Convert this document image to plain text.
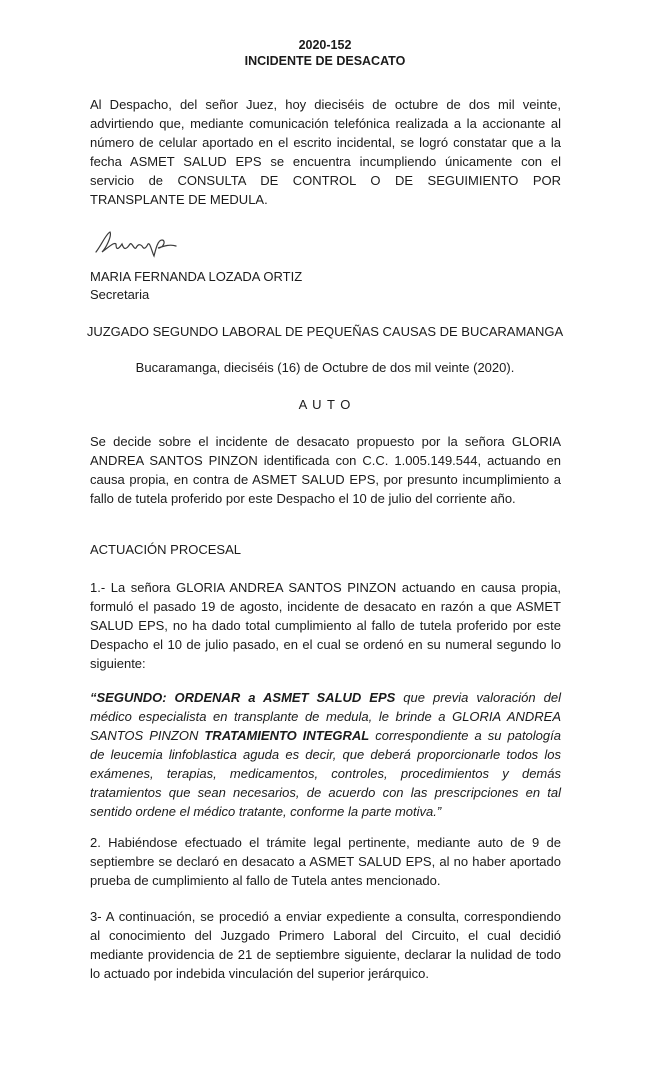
2020-152
INCIDENTE DE DESACATO
Al Despacho, del señor Juez, hoy dieciséis de octubre de dos mil veinte, advirtiendo que, mediante comunicación telefónica realizada a la accionante al número de celular aportado en el escrito incidental, se logró constatar que a la fecha ASMET SALUD EPS se encuentra incumpliendo únicamente con el servicio de CONSULTA DE CONTROL O DE SEGUIMIENTO POR TRANSPLANTE DE MEDULA.
MARIA FERNANDA LOZADA ORTIZ
Secretaria
JUZGADO SEGUNDO LABORAL DE PEQUEÑAS CAUSAS DE BUCARAMANGA
Bucaramanga, dieciséis (16) de Octubre de dos mil veinte (2020).
A U T O
Se decide sobre el incidente de desacato propuesto por la señora GLORIA ANDREA SANTOS PINZON identificada con C.C. 1.005.149.544, actuando en causa propia, en contra de ASMET SALUD EPS, por presunto incumplimiento a fallo de tutela proferido por este Despacho el 10 de julio del corriente año.
ACTUACIÓN PROCESAL
1.- La señora GLORIA ANDREA SANTOS PINZON actuando en causa propia, formuló el pasado 19 de agosto, incidente de desacato en razón a que ASMET SALUD EPS, no ha dado total cumplimiento al fallo de tutela proferido por este Despacho el 10 de julio pasado, en el cual se ordenó en su numeral segundo lo siguiente:
“SEGUNDO: ORDENAR a ASMET SALUD EPS que previa valoración del médico especialista en transplante de medula, le brinde a GLORIA ANDREA SANTOS PINZON TRATAMIENTO INTEGRAL correspondiente a su patología de leucemia linfoblastica aguda es decir, que deberá proporcionarle todos los exámenes, terapias, medicamentos, controles, procedimientos y demás tratamientos que sean necesarios, de acuerdo con las prescripciones en tal sentido ordene el médico tratante, conforme la parte motiva.”
2. Habiéndose efectuado el trámite legal pertinente, mediante auto de 9 de septiembre se declaró en desacato a ASMET SALUD EPS, al no haber aportado prueba de cumplimiento al fallo de Tutela antes mencionado.
3- A continuación, se procedió a enviar expediente a consulta, correspondiendo al conocimiento del Juzgado Primero Laboral del Circuito, el cual decidió mediante providencia de 21 de septiembre siguiente, declarar la nulidad de todo lo actuado por indebida vinculación del superior jerárquico.
